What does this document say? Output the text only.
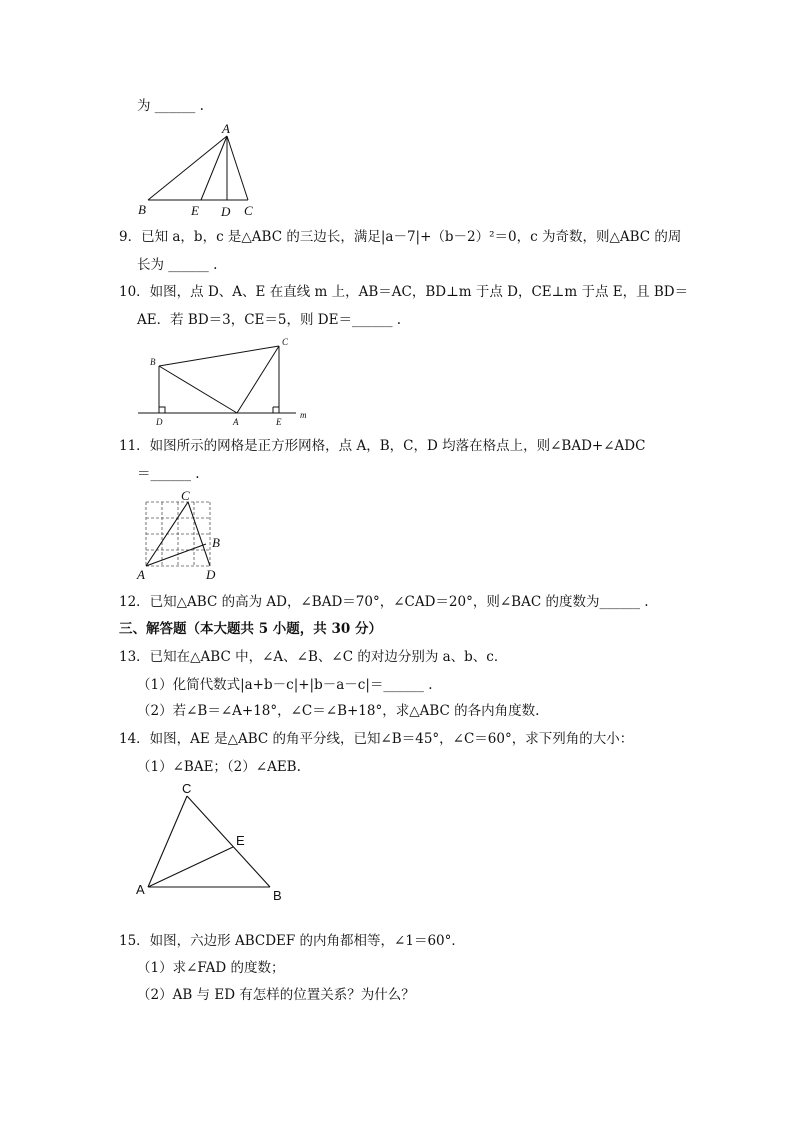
为 ______ .
A
B	E D C
9．已知 a，b，c 是△ABC 的三边长，满足|a－7|+（b－2）²＝0，c 为奇数，则△ABC 的周
长为 ______ .
10．如图，点 D、A、E 在直线 m 上，AB＝AC，BD⊥m 于点 D，CE⊥m 于点 E，且 BD＝
AE．若 BD＝3，CE＝5，则 DE＝______ .
B
C
D	A	E
m
11．如图所示的网格是正方形网格，点 A，B，C，D 均落在格点上，则∠BAD+∠ADC
＝______ .
C
B
A	D
12．已知△ABC 的高为 AD，∠BAD＝70°，∠CAD＝20°，则∠BAC 的度数为______ .
三、解答题（本大题共 5 小题，共 30 分）
13．已知在△ABC 中，∠A、∠B、∠C 的对边分别为 a、b、c．
（1）化简代数式|a+b－c|+|b－a－c|＝______ .
（2）若∠B＝∠A+18°，∠C＝∠B+18°，求△ABC 的各内角度数.
14．如图，AE 是△ABC 的角平分线，已知∠B＝45°，∠C＝60°，求下列角的大小：
（1）∠BAE；（2）∠AEB.
C
E
A	B
15．如图，六边形 ABCDEF 的内角都相等，∠1＝60°．
（1）求∠FAD 的度数；
（2）AB 与 ED 有怎样的位置关系？为什么？
